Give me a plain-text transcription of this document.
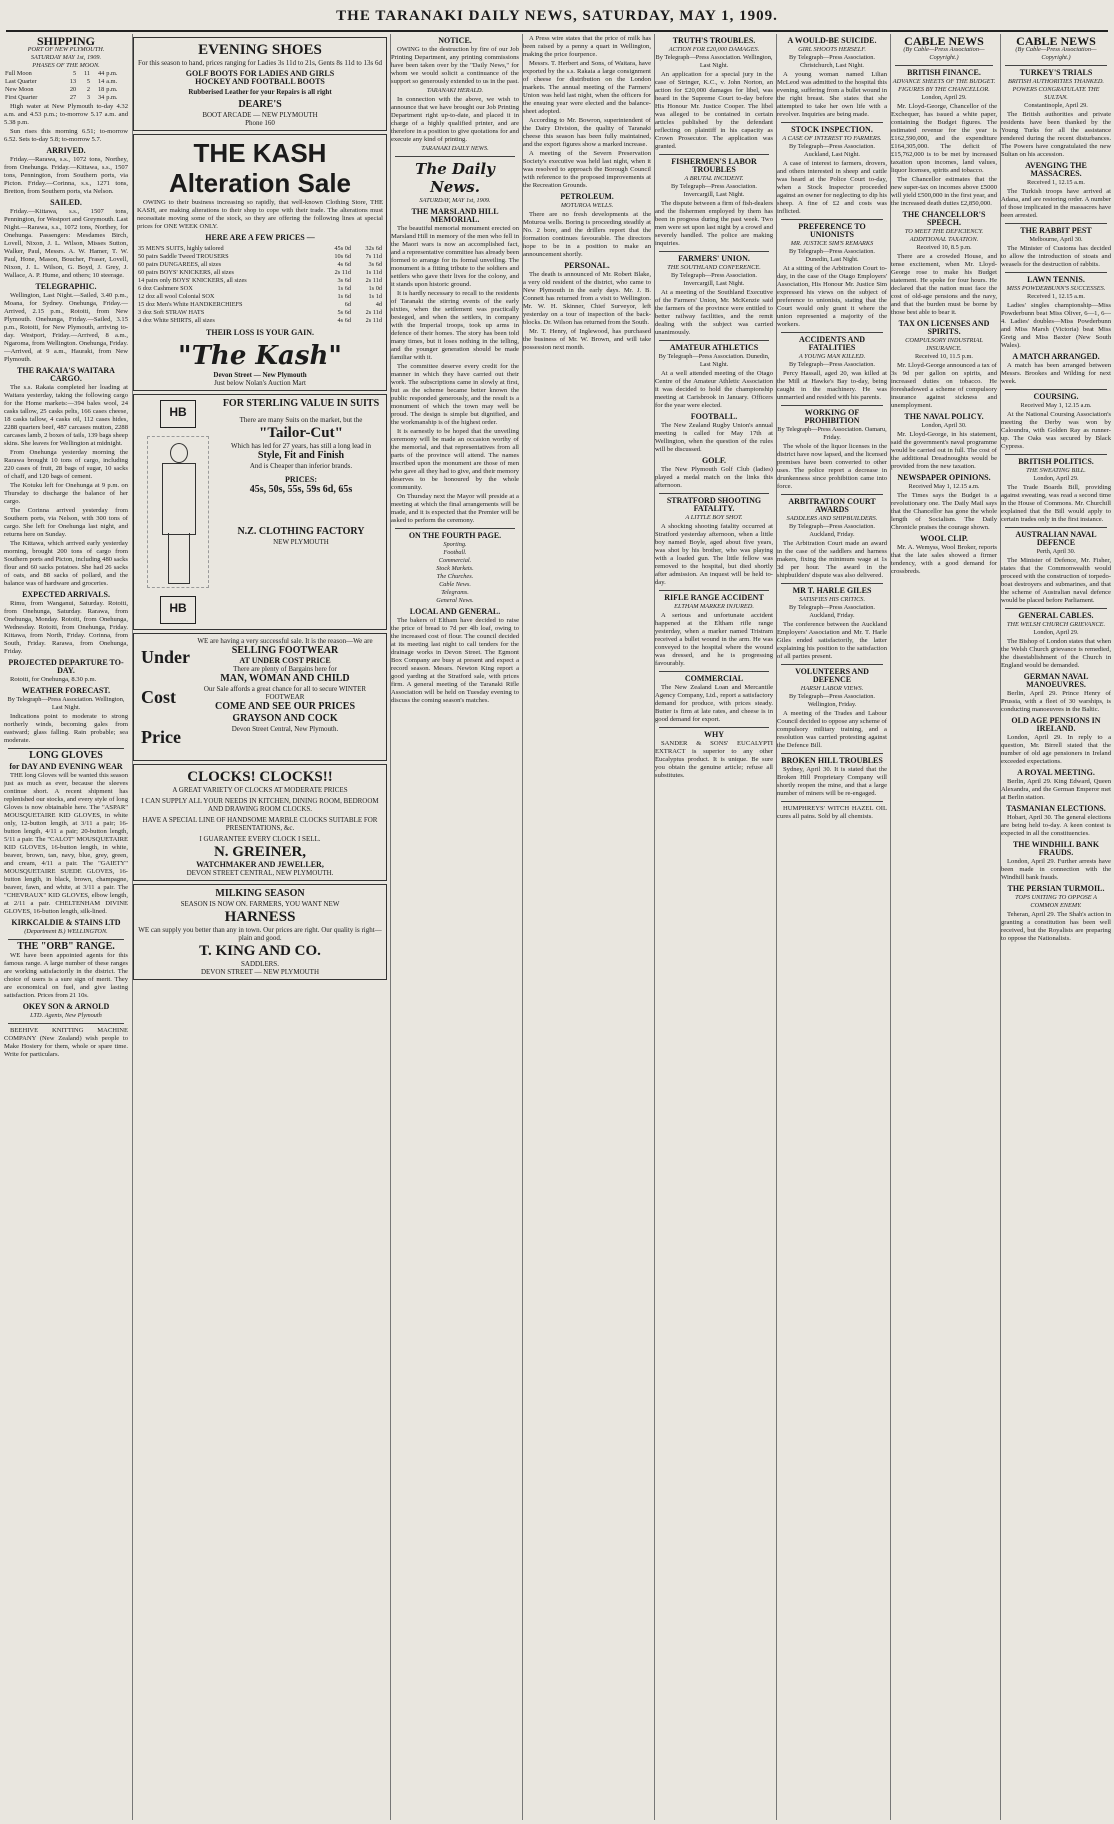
THE TARANAKI DAILY NEWS, SATURDAY, MAY 1, 1909.
SHIPPING
PORT OF NEW PLYMOUTH.
SATURDAY MAY 1st, 1909.
PHASES OF THE MOON.
Full Moon	5	11	44	p.m.
Last Quarter	13	5	14	a.m.
New Moon	20	2	18	p.m.
First Quarter	27	3	34	p.m.

High water at New Plymouth to-day 4.32 a.m. and 4.53 p.m.; to-morrow 5.17 a.m. and 5.38 p.m.

Sun rises this morning 6.51; to-morrow 6.52. Sets to-day 5.8; to-morrow 5.7.

ARRIVED.

Friday.—Rarawa, s.s., 1072 tons, Northey, from Onehunga. Friday.—Kittawa, s.s., 1507 tons, Pennington, from Southern ports, via Picton. Friday.—Corinna, s.s., 1271 tons, Bretton, from Southern ports, via Nelson.

SAILED.

Friday.—Kittawa, s.s., 1507 tons, Pennington, for Westport and Greymouth. Last Night.—Rarawa, s.s., 1072 tons, Northey, for Onehunga. Passengers: Mesdames Birch, Lovell, Nixon, J. L. Wilson, Misses Sutton, Walker, Paul, Messrs. A. W. Hamer, T. W. Paul, Hone, Mason, Boucher, Fraser, Lovell, Nixon, J. L. Wilson, G. Boyd, J. Grey, J. Wallace, A. P. Hume, and others; 10 steerage.

TELEGRAPHIC.

Wellington, Last Night.—Sailed, 3.40 p.m., Moana, for Sydney. Onehunga, Friday.—Arrived, 2.15 p.m., Rotoiti, from New Plymouth. Onehunga, Friday.—Sailed, 3.15 p.m., Rotoiti, for New Plymouth, arriving to-day. Westport, Friday.—Arrived, 8 a.m., Ngaroma, from Wellington. Onehunga, Friday.—Arrived, at 9 a.m., Hauraki, from New Plymouth.

THE RAKAIA'S WAITARA CARGO.

The s.s. Rakaia completed her loading at Waitara yesterday, taking the following cargo for the Home markets:—394 bales wool, 24 casks tallow, 25 casks pelts, 166 cases cheese, 18 casks tallow, 4 casks oil, 112 cases hides, 2288 quarters beef, 487 carcases mutton, 2288 carcases lamb, 2 boxes of tails, 139 bags sheep skins. She leaves for Wellington at midnight.

From Onehunga yesterday morning the Rarawa brought 10 tons of cargo, including 220 cases of fruit, 28 bags of sugar, 10 sacks of chaff, and 120 bags of cement.

The Kotuku left for Onehunga at 9 p.m. on Thursday to discharge the balance of her cargo.

The Corinna arrived yesterday from Southern ports, via Nelson, with 300 tons of cargo. She left for Onehunga last night, and returns here on Sunday.

The Kittawa, which arrived early yesterday morning, brought 200 tons of cargo from Southern ports and Picton, including 480 sacks flour and 60 sacks potatoes. She had 26 sacks of oats, and 88 sacks of pollard, and the balance was of hardware and groceries.

EXPECTED ARRIVALS.

Rimu, from Wanganui, Saturday. Rotoiti, from Onehunga, Saturday. Rarawa, from Onehunga, Monday. Rotoiti, from Onehunga, Wednesday. Rotoiti, from Onehunga, Friday. Kittawa, from North, Friday. Corinna, from South, Friday. Rarawa, from Onehunga, Friday.

PROJECTED DEPARTURE TO-DAY.

Rotoiti, for Onehunga, 8.30 p.m.

WEATHER FORECAST.
By Telegraph—Press Association. Wellington, Last Night.

Indications point to moderate to strong northerly winds, becoming gales from eastward; glass falling. Rain probable; sea moderate.

LONG GLOVES
for DAY AND EVENING WEAR

THE long Gloves will be wanted this season just as much as ever, because the sleeves continue short. A recent shipment has replenished our stocks, and every style of long Gloves is now obtainable here. The "ASPAR" MOUSQUETAIRE KID GLOVES, in white only, 12-button length, at 3/11 a pair; 16-button length, 4/11 a pair; 20-button length, 5/11 a pair. The "CALOT" MOUSQUETAIRE KID GLOVES, 16-button length, in white, beaver, brown, tan, navy, blue, grey, green, and cream, 4/11 a pair. The "GAIETY" MOUSQUETAIRE SUEDE GLOVES, 16-button length, in black, brown, champagne, beaver, fawn, and white, at 3/11 a pair. The "CHEVRAUX" KID GLOVES, elbow length, at 2/11 a pair. CHELTENHAM DIVINE GLOVES, 16-button length, silk-lined.

KIRKCALDIE & STAINS LTD
(Department B.) WELLINGTON.
THE "ORB" RANGE.

WE have been appointed agents for this famous range. A large number of these ranges are working satisfactorily in the district. The choice of users is a sure sign of merit. They are economical on fuel, and give lasting satisfaction. Prices from 21 10s.

OKEY SON & ARNOLD
LTD. Agents, New Plymouth

BEEHIVE KNITTING MACHINE COMPANY (New Zealand) wish people to Make Hosiery for them, whole or spare time. Write for particulars.

EVENING SHOES
For this season to hand, prices ranging for Ladies 3s 11d to 21s, Gents 8s 11d to 13s 6d
GOLF BOOTS FOR LADIES AND GIRLS
HOCKEY AND FOOTBALL BOOTS
Rubberised Leather for your Repairs is all right
DEARE'S
BOOT ARCADE — NEW PLYMOUTH
Phone 160
THE KASH
Alteration Sale

OWING to their business increasing so rapidly, that well-known Clothing Store, THE KASH, are making alterations to their shop to cope with their trade. The alterations must necessitate moving some of the stock, so they are offering the following lines at special prices for ONE WEEK ONLY.

HERE ARE A FEW PRICES —
35 MEN'S SUITS, highly tailored	45s 0d	32s 6d
50 pairs Saddle Tweed TROUSERS	10s 6d	7s 11d
60 pairs DUNGAREES, all sizes	4s 6d	3s 6d
60 pairs BOYS' KNICKERS, all sizes	2s 11d	1s 11d
14 pairs only BOYS' KNICKERS, all sizes	3s 6d	2s 11d
6 doz Cashmere SOX	1s 6d	1s 0d
12 doz all wool Colonial SOX	1s 6d	1s 1d
15 doz Men's White HANDKERCHIEFS	6d	4d
3 doz Soft STRAW HATS	5s 6d	2s 11d
4 doz White SHIRTS, all sizes	4s 6d	2s 11d
THEIR LOSS IS YOUR GAIN.
"The Kash"
Devon Street — New Plymouth
Just below Nolan's Auction Mart
HB
HB
FOR STERLING VALUE IN SUITS
There are many Suits on the market, but the
"Tailor-Cut"
Which has led for 27 years, has still a long lead in
Style, Fit and Finish
And is Cheaper than inferior brands.
PRICES:
45s, 50s, 55s, 59s 6d, 65s
N.Z. CLOTHING FACTORY
NEW PLYMOUTH
Under
Cost
Price
WE are having a very successful sale. It is the reason—We are
SELLING FOOTWEAR
AT UNDER COST PRICE
There are plenty of Bargains here for
MAN, WOMAN AND CHILD
Our Sale affords a great chance for all to secure WINTER FOOTWEAR
COME AND SEE OUR PRICES
GRAYSON AND COCK
Devon Street Central, New Plymouth.
CLOCKS! CLOCKS!!
A GREAT VARIETY OF CLOCKS AT MODERATE PRICES
I CAN SUPPLY ALL YOUR NEEDS IN KITCHEN, DINING ROOM, BEDROOM AND DRAWING ROOM CLOCKS.
HAVE A SPECIAL LINE OF HANDSOME MARBLE CLOCKS SUITABLE FOR PRESENTATIONS, &c.
I GUARANTEE EVERY CLOCK I SELL.
N. GREINER,
WATCHMAKER AND JEWELLER,
DEVON STREET CENTRAL, NEW PLYMOUTH.
MILKING SEASON
SEASON IS NOW ON. FARMERS, YOU WANT NEW
HARNESS
WE can supply you better than any in town. Our prices are right. Our quality is right—plain and good.
T. KING AND CO.
SADDLERS.
DEVON STREET — NEW PLYMOUTH
NOTICE.

OWING to the destruction by fire of our Job Printing Department, any printing commissions have been taken over by the "Daily News," for whom we would solicit a continuance of the support so generously extended to us in the past.

TARANAKI HERALD.

In connection with the above, we wish to announce that we have brought our Job Printing Department right up-to-date, and placed it in charge of a highly qualified printer, and are therefore in a position to give quotations for and execute any kind of printing.

TARANAKI DAILY NEWS.
The Daily News.
SATURDAY, MAY 1st, 1909.
THE MARSLAND HILL MEMORIAL.

The beautiful memorial monument erected on Marsland Hill in memory of the men who fell in the Maori wars is now an accomplished fact, and a representative committee has already been formed to arrange for its formal unveiling. The monument is a fitting tribute to the soldiers and settlers who gave their lives for the colony, and it stands upon historic ground.

It is hardly necessary to recall to the residents of Taranaki the stirring events of the early sixties, when the settlement was practically besieged, and when the settlers, in company with the Imperial troops, took up arms in defence of their homes. The story has been told many times, but it loses nothing in the telling, and the younger generation should be made familiar with it.

The committee deserve every credit for the manner in which they have carried out their work. The subscriptions came in slowly at first, but as the scheme became better known the public responded generously, and the result is a monument of which the town may well be proud. The design is simple but dignified, and the workmanship is of the highest order.

It is earnestly to be hoped that the unveiling ceremony will be made an occasion worthy of the memorial, and that representatives from all parts of the province will attend. The names inscribed upon the monument are those of men who gave all they had to give, and their memory deserves to be honoured by the whole community.

On Thursday next the Mayor will preside at a meeting at which the final arrangements will be made, and it is expected that the Premier will be asked to perform the ceremony.

ON THE FOURTH PAGE.
Sporting.
Football.
Commercial.
Stock Markets.
The Churches.
Cable News.
Telegrams.
General News.
LOCAL AND GENERAL.

The bakers of Eltham have decided to raise the price of bread to 7d per 4lb loaf, owing to the increased cost of flour. The council decided at its meeting last night to call tenders for the drainage works in Devon Street. The Egmont Box Company are busy at present and expect a record season. Messrs. Newton King report a good yarding at the Stratford sale, with prices firm. A general meeting of the Taranaki Rifle Association will be held on Tuesday evening to discuss the coming season's matches.

A Press wire states that the price of milk has been raised by a penny a quart in Wellington, making the price fourpence.

Messrs. T. Herbert and Sons, of Waitara, have exported by the s.s. Rakaia a large consignment of cheese for distribution on the London markets. The annual meeting of the Farmers' Union was held last night, when the officers for the ensuing year were elected and the balance-sheet adopted.

According to Mr. Bowron, superintendent of the Dairy Division, the quality of Taranaki cheese this season has been fully maintained, and the export figures show a marked increase.

A meeting of the Severn Preservation Society's executive was held last night, when it was resolved to approach the Borough Council with reference to the proposed improvements at the Recreation Grounds.

PETROLEUM.
MOTUROA WELLS.

There are no fresh developments at the Moturoa wells. Boring is proceeding steadily at No. 2 bore, and the drillers report that the formation continues favourable. The directors hope to be in a position to make an announcement shortly.

PERSONAL.

The death is announced of Mr. Robert Blake, a very old resident of the district, who came to New Plymouth in the early days. Mr. J. B. Connett has returned from a visit to Wellington. Mr. W. H. Skinner, Chief Surveyor, left yesterday on a tour of inspection of the back-blocks. Dr. Wilson has returned from the South.

Mr. T. Henry, of Inglewood, has purchased the business of Mr. W. Brown, and will take possession next month.

TRUTH'S TROUBLES.
ACTION FOR £20,000 DAMAGES.
By Telegraph—Press Association. Wellington, Last Night.

An application for a special jury in the case of Stringer, K.C., v. John Norton, an action for £20,000 damages for libel, was heard in the Supreme Court to-day before His Honour Mr. Justice Cooper. The libel was alleged to be contained in certain articles published by the defendant reflecting on plaintiff in his capacity as Crown Prosecutor. The application was granted.

FISHERMEN'S LABOR TROUBLES
A BRUTAL INCIDENT.
By Telegraph—Press Association. Invercargill, Last Night.

The dispute between a firm of fish-dealers and the fishermen employed by them has been in progress during the past week. Two men were set upon last night by a crowd and severely handled. The police are making inquiries.

FARMERS' UNION.
THE SOUTHLAND CONFERENCE.
By Telegraph—Press Association. Invercargill, Last Night.

At a meeting of the Southland Executive of the Farmers' Union, Mr. McKenzie said the farmers of the province were entitled to better railway facilities, and the remit dealing with the subject was carried unanimously.

AMATEUR ATHLETICS
By Telegraph—Press Association. Dunedin, Last Night.

At a well attended meeting of the Otago Centre of the Amateur Athletic Association it was decided to hold the championship meeting at Carisbrook in January. Officers for the year were elected.

FOOTBALL.

The New Zealand Rugby Union's annual meeting is called for May 17th at Wellington, when the question of the rules will be discussed.

GOLF.

The New Plymouth Golf Club (ladies) played a medal match on the links this afternoon.

STRATFORD SHOOTING FATALITY.
A LITTLE BOY SHOT.

A shocking shooting fatality occurred at Stratford yesterday afternoon, when a little boy named Boyle, aged about five years, was shot by his brother, who was playing with a loaded gun. The little fellow was removed to the hospital, but died shortly after admission. An inquest will be held to-day.

RIFLE RANGE ACCIDENT
ELTHAM MARKER INJURED.

A serious and unfortunate accident happened at the Eltham rifle range yesterday, when a marker named Tristram received a bullet wound in the arm. He was conveyed to the hospital where the wound was dressed, and he is progressing favourably.

COMMERCIAL

The New Zealand Loan and Mercantile Agency Company, Ltd., report a satisfactory demand for produce, with prices steady. Butter is firm at late rates, and cheese is in good demand for export.

WHY

SANDER & SONS' EUCALYPTI EXTRACT is superior to any other Eucalyptus product. It is unique. Be sure you obtain the genuine article; refuse all substitutes.

A WOULD-BE SUICIDE.
GIRL SHOOTS HERSELF.
By Telegraph—Press Association. Christchurch, Last Night.

A young woman named Lilian McLeod was admitted to the hospital this evening, suffering from a bullet wound in the right breast. She states that she attempted to take her own life with a revolver. Inquiries are being made.

STOCK INSPECTION.
A CASE OF INTEREST TO FARMERS.
By Telegraph—Press Association. Auckland, Last Night.

A case of interest to farmers, drovers, and others interested in sheep and cattle was heard at the Police Court to-day, when a Stock Inspector proceeded against an owner for neglecting to dip his sheep. A fine of £2 and costs was inflicted.

PREFERENCE TO UNIONISTS
MR. JUSTICE SIM'S REMARKS
By Telegraph—Press Association. Dunedin, Last Night.

At a sitting of the Arbitration Court to-day, in the case of the Otago Employers' Association, His Honour Mr. Justice Sim expressed his views on the subject of preference to unionists, stating that the Court would only grant it where the union represented a majority of the workers.

ACCIDENTS AND FATALITIES
A YOUNG MAN KILLED.
By Telegraph—Press Association.

Percy Hassall, aged 20, was killed at the Mill at Hawke's Bay to-day, being caught in the machinery. He was unmarried and resided with his parents.

WORKING OF PROHIBITION
By Telegraph—Press Association. Oamaru, Friday.

The whole of the liquor licenses in the district have now lapsed, and the licensed premises have been converted to other uses. The police report a decrease in drunkenness since prohibition came into force.

ARBITRATION COURT AWARDS
SADDLERS AND SHIPBUILDERS.
By Telegraph—Press Association. Auckland, Friday.

The Arbitration Court made an award in the case of the saddlers and harness makers, fixing the minimum wage at 1s 3d per hour. The award in the shipbuilders' dispute was also delivered.

MR T. HARLE GILES
SATISFIES HIS CRITICS.
By Telegraph—Press Association. Auckland, Friday.

The conference between the Auckland Employers' Association and Mr. T. Harle Giles ended satisfactorily, the latter explaining his position to the satisfaction of all parties present.

VOLUNTEERS AND DEFENCE
HARSH LABOR VIEWS.
By Telegraph—Press Association. Wellington, Friday.

A meeting of the Trades and Labour Council decided to oppose any scheme of compulsory military training, and a resolution was carried protesting against the Defence Bill.

BROKEN HILL TROUBLES

Sydney, April 30. It is stated that the Broken Hill Proprietary Company will shortly reopen the mine, and that a large number of miners will be re-engaged.

HUMPHREYS' WITCH HAZEL OIL cures all pains. Sold by all chemists.

CABLE NEWS
(By Cable—Press Association—Copyright.)
BRITISH FINANCE.
ADVANCE SHEETS OF THE BUDGET.
FIGURES BY THE CHANCELLOR.
London, April 29.

Mr. Lloyd-George, Chancellor of the Exchequer, has issued a white paper, containing the Budget figures. The estimated revenue for the year is £162,590,000, and the expenditure £164,305,000. The deficit of £15,762,000 is to be met by increased taxation upon incomes, land values, liquor licenses, spirits and tobacco.

The Chancellor estimates that the new super-tax on incomes above £5000 will yield £500,000 in the first year, and the increased death duties £2,850,000.

THE CHANCELLOR'S SPEECH.
TO MEET THE DEFICIENCY.
ADDITIONAL TAXATION.
Received 10, 8.5 p.m.

There are a crowded House, and tense excitement, when Mr. Lloyd-George rose to make his Budget statement. He spoke for four hours. He declared that the nation must face the cost of old-age pensions and the navy, and that the burden must be borne by those best able to bear it.

TAX ON LICENSES AND SPIRITS.
COMPULSORY INDUSTRIAL INSURANCE.
Received 10, 11.5 p.m.

Mr. Lloyd-George announced a tax of 3s 9d per gallon on spirits, and increased duties on tobacco. He foreshadowed a scheme of compulsory insurance against sickness and unemployment.

THE NAVAL POLICY.
London, April 30.

Mr. Lloyd-George, in his statement, said the government's naval programme would be carried out in full. The cost of the additional Dreadnoughts would be provided from the new taxation.

NEWSPAPER OPINIONS.
Received May 1, 12.15 a.m.

The Times says the Budget is a revolutionary one. The Daily Mail says that the Chancellor has gone the whole length of Socialism. The Daily Chronicle praises the courage shown.

WOOL CLIP.

Mr. A. Wemyss, Wool Broker, reports that the late sales showed a firmer tendency, with a good demand for crossbreds.

CABLE NEWS
(By Cable—Press Association—Copyright.)
TURKEY'S TRIALS
BRITISH AUTHORITIES THANKED.
POWERS CONGRATULATE THE SULTAN.
Constantinople, April 29.

The British authorities and private residents have been thanked by the Young Turks for all the assistance rendered during the recent disturbances. The Powers have congratulated the new Sultan on his accession.

AVENGING THE MASSACRES.
Received 1, 12.15 a.m.

The Turkish troops have arrived at Adana, and are restoring order. A number of those implicated in the massacres have been arrested.

THE RABBIT PEST
Melbourne, April 30.

The Minister of Customs has decided to allow the introduction of stoats and weasels for the destruction of rabbits.

LAWN TENNIS.
MISS POWDERBUNN'S SUCCESSES.
Received 1, 12.15 a.m.

Ladies' singles championship—Miss Powderbunn beat Miss Oliver, 6—1, 6—4. Ladies' doubles—Miss Powderbunn and Miss Marsh (Victoria) beat Miss Greig and Miss Baxter (New South Wales).

A MATCH ARRANGED.

A match has been arranged between Messrs. Brookes and Wilding for next week.

COURSING.
Received May 1, 12.15 a.m.

At the National Coursing Association's meeting the Derby was won by Caloundra, with Golden Ray as runner-up. The Oaks was secured by Black Cypress.

BRITISH POLITICS.
THE SWEATING BILL.
London, April 29.

The Trade Boards Bill, providing against sweating, was read a second time in the House of Commons. Mr. Churchill explained that the Bill would apply to certain trades only in the first instance.

AUSTRALIAN NAVAL DEFENCE
Perth, April 30.

The Minister of Defence, Mr. Fisher, states that the Commonwealth would proceed with the construction of torpedo-boat destroyers and submarines, and that the scheme of Australian naval defence would be placed before Parliament.

GENERAL CABLES.
THE WELSH CHURCH GRIEVANCE.
London, April 29.

The Bishop of London states that when the Welsh Church grievance is remedied, the disestablishment of the Church in England would be demanded.

GERMAN NAVAL MANOEUVRES.

Berlin, April 29. Prince Henry of Prussia, with a fleet of 30 warships, is conducting manoeuvres in the Baltic.

OLD AGE PENSIONS IN IRELAND.

London, April 29. In reply to a question, Mr. Birrell stated that the number of old age pensioners in Ireland exceeded expectations.

A ROYAL MEETING.

Berlin, April 29. King Edward, Queen Alexandra, and the German Emperor met at Berlin station.

TASMANIAN ELECTIONS.

Hobart, April 30. The general elections are being held to-day. A keen contest is expected in all the constituencies.

THE WINDHILL BANK FRAUDS.

London, April 29. Further arrests have been made in connection with the Windhill bank frauds.

THE PERSIAN TURMOIL.
TOPS UNITING TO OPPOSE A COMMON ENEMY.

Teheran, April 29. The Shah's action in granting a constitution has been well received, but the Royalists are preparing to oppose the Nationalists.
